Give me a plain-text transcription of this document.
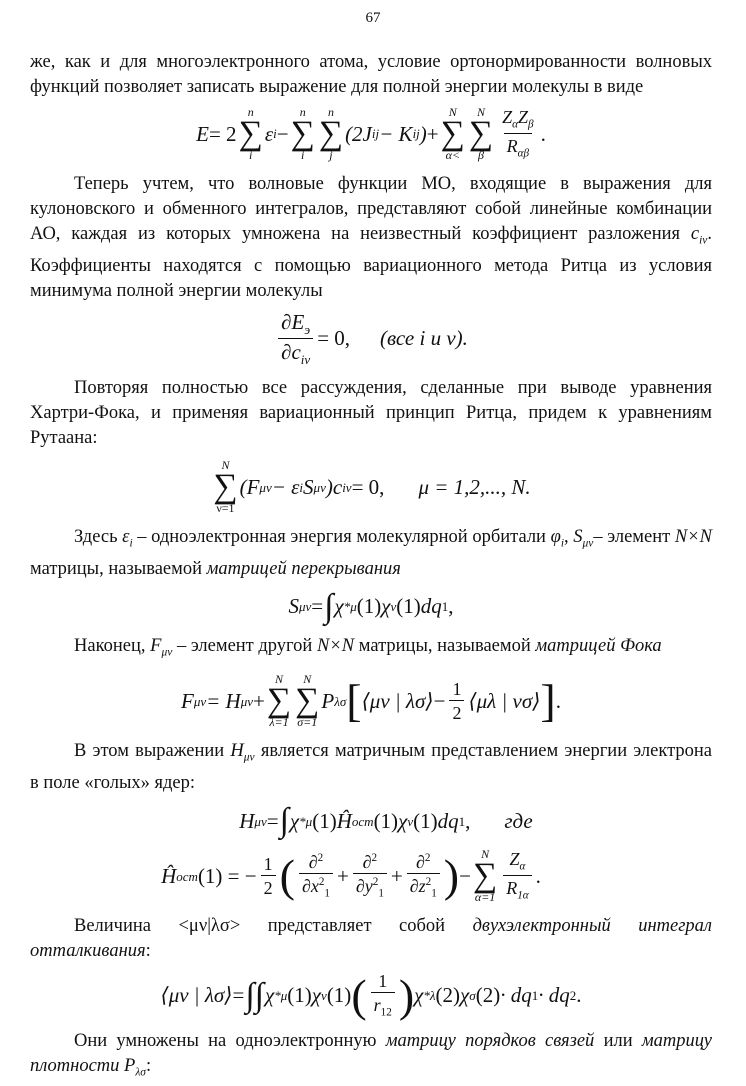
67

же, как и для многоэлектронного атома, условие ортонормированности волновых функций позволяет записать выражение для полной энергии молекулы в виде

E = 2
n
∑
i
ε i −
n
∑
i
n
∑
j
(2J ij − K ij ) +
N
∑
α<
N
∑
β $\frac{Z_\alpha Z_\beta}{R_{\alpha\beta}}$ .

Теперь учтем, что волновые функции МО, входящие в выражения для кулоновского и обменного интегралов, представляют собой линейные комбинации АО, каждая из которых умножена на неизвестный коэффициент разложения $c_{i\nu}$. Коэффициенты находятся с помощью вариационного метода Ритца из условия минимума полной энергии молекулы

$\frac{\partial E_э}{\partial c_{i\nu}} = 0$, (все i и ν).

Повторяя полностью все рассуждения, сделанные при выводе уравнения Хартри-Фока, и применяя вариационный принцип Ритца, придем к уравнениям Рутаана:

N
∑
ν=1
(F μν − ε i S μν )c iν = 0, μ = 1,2,..., N.

Здесь $\varepsilon_i$ – одноэлектронная энергия молекулярной орбитали $\varphi_i$, $S_{\mu\nu}-$ элемент N×N матрицы, называемой матрицей перекрывания

S μν = ∫ χ * μ (1) χ ν (1) dq 1 ,

Наконец, $F_{\mu\nu}$ – элемент другой N×N матрицы, называемой матрицей Фока

F μν = H μν +
N
∑
λ=1
N
∑
σ=1
P λσ [ ⟨μν | λσ⟩ − $\frac{1}{2}$ ⟨μλ | νσ⟩ ] .

В этом выражении $H_{\mu\nu}$ является матричным представлением энергии электрона в поле «голых» ядер:

H μν = ∫ χ * μ (1) Ĥ ост (1) χ ν (1) dq 1 , где
Ĥ ост (1) = − $\frac{1}{2}$ ( $\frac{\partial^2}{\partial x^2_1} + \frac{\partial^2}{\partial y^2_1} + \frac{\partial^2}{\partial z^2_1}$ ) −
N
∑
$\alpha=1 \frac{Z_\alpha}{R_{1\alpha}}$ .

Величина <μν|λσ> представляет собой двухэлектронный интеграл отталкивания:

⟨μν | λσ⟩ = ∫∫ χ * μ (1) χ ν (1) ( $\frac{1}{r_{12}}$ ) χ * λ (2) χ σ (2) · dq 1 · dq 2 .

Они умножены на одноэлектронную матрицу порядков связей или матрицу плотности $P_{\lambda\sigma}$:
